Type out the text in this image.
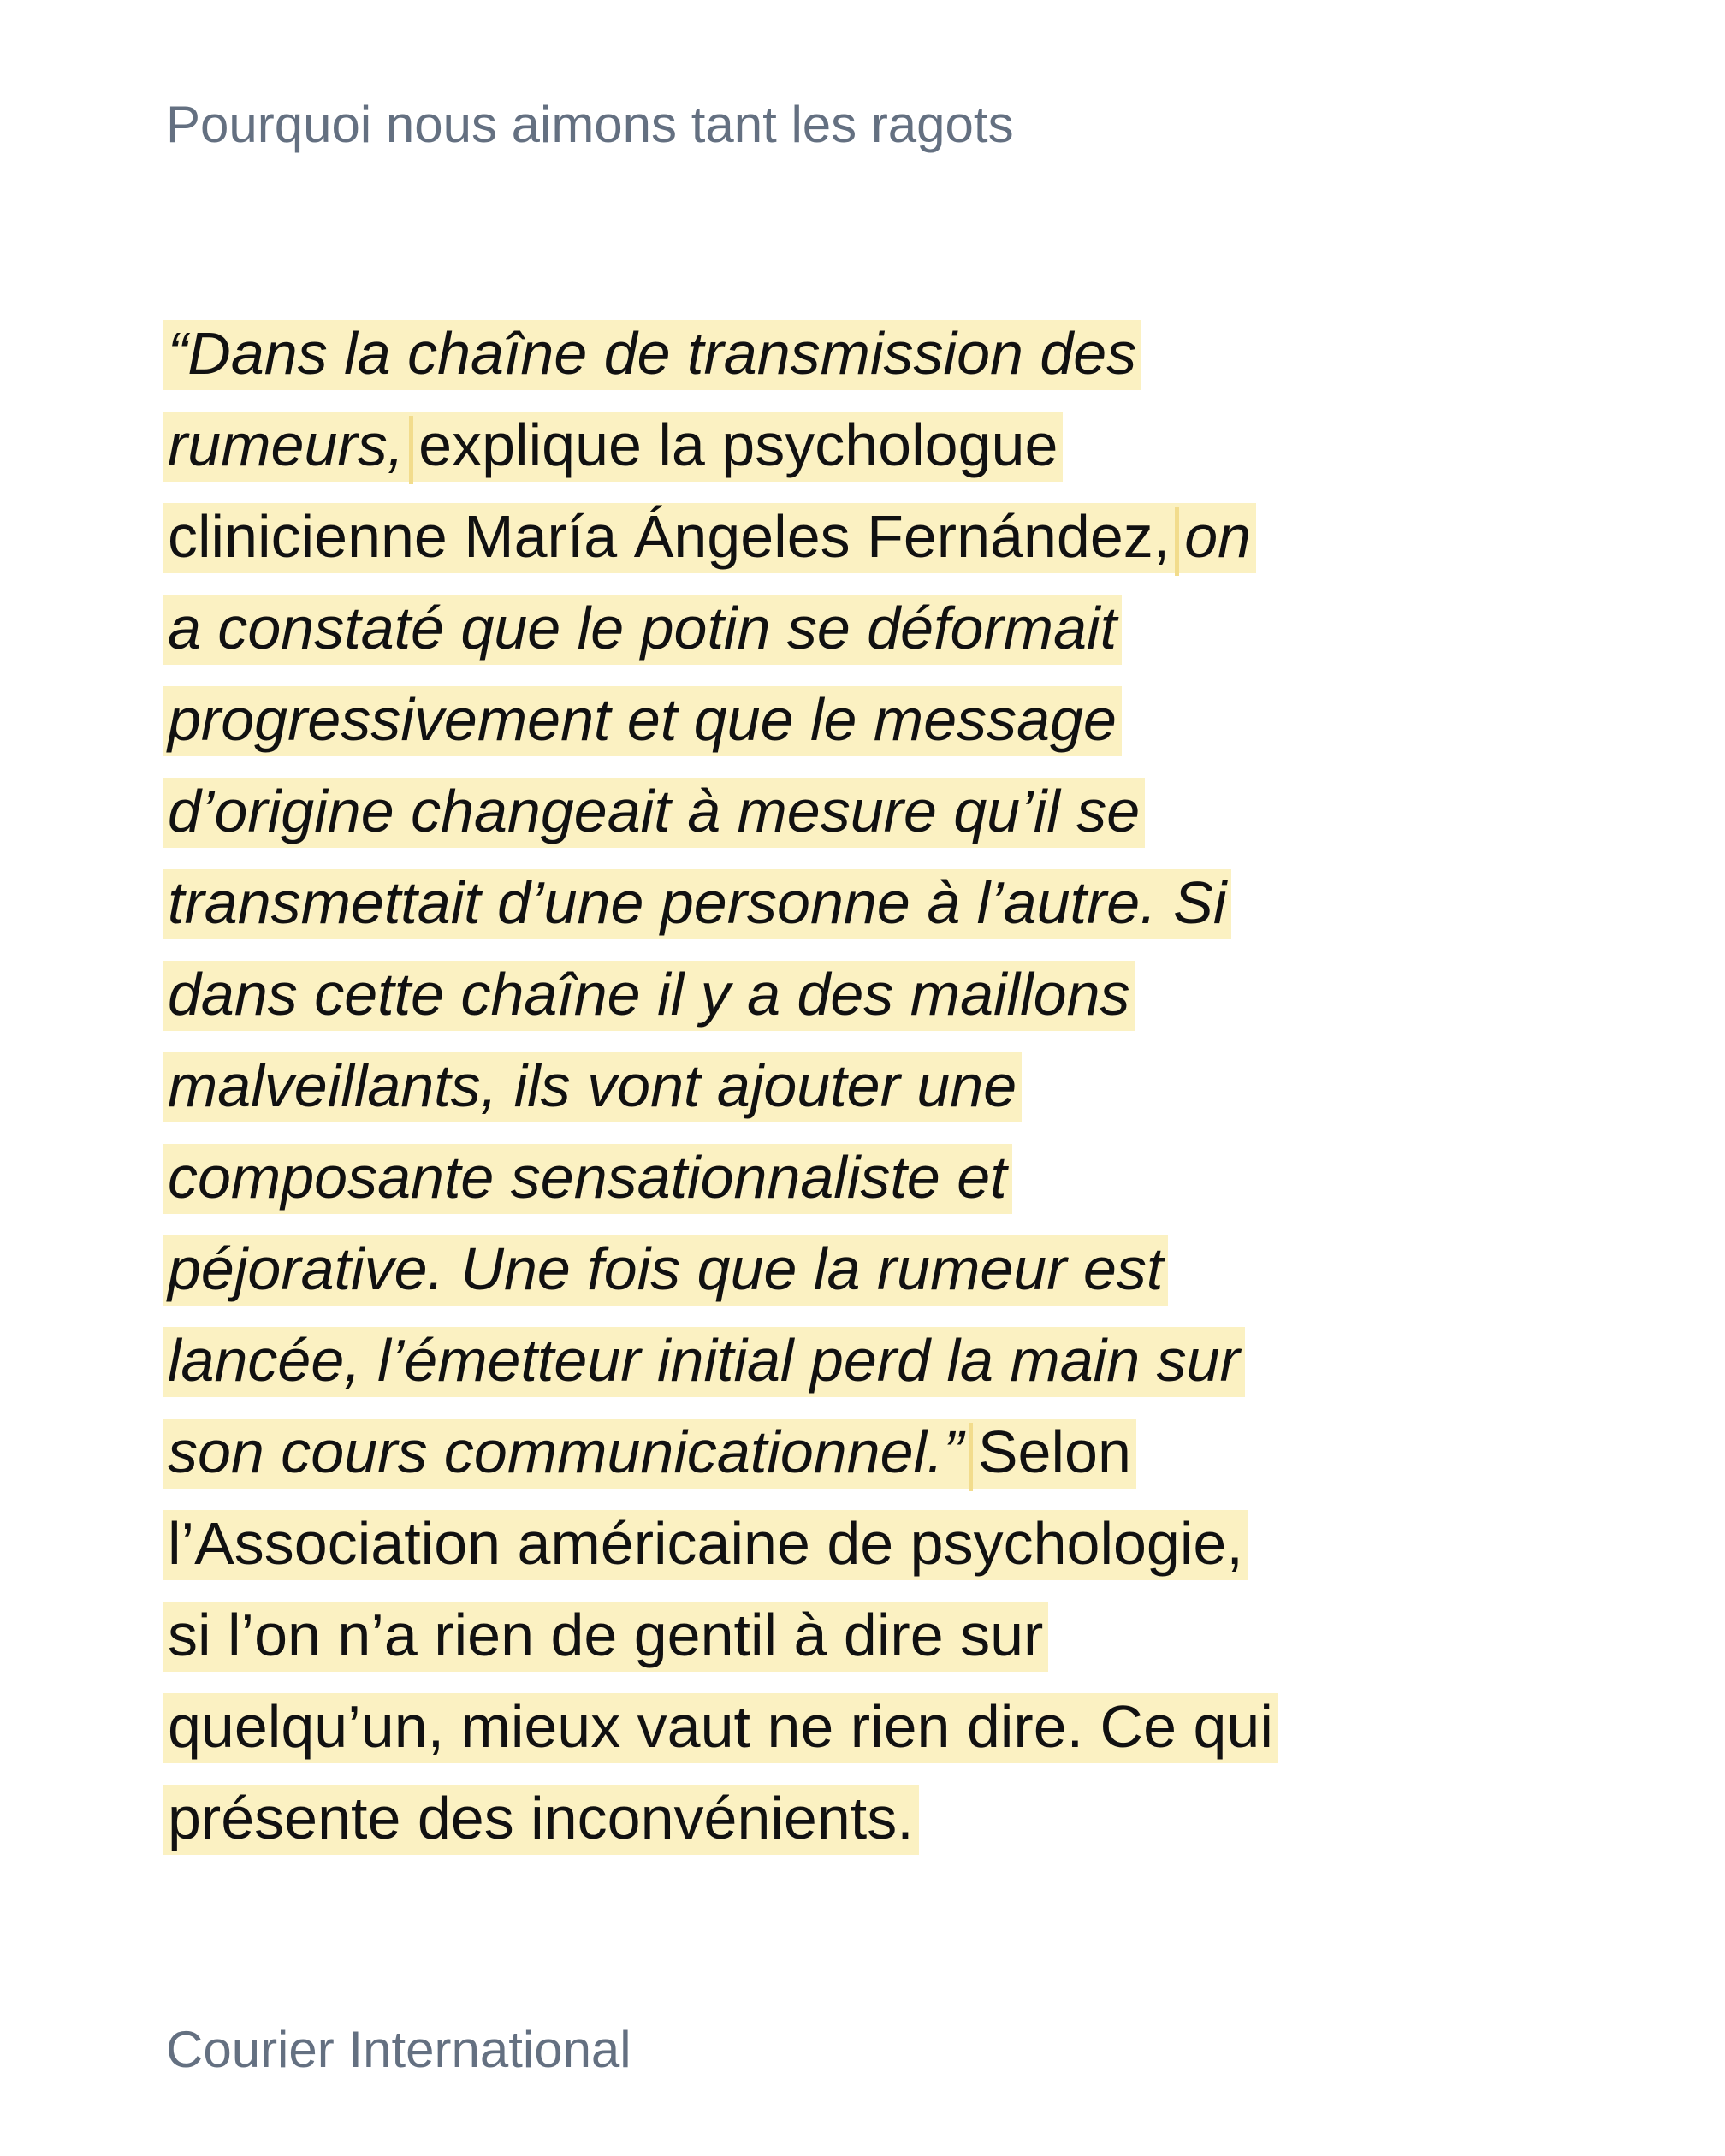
Pourquoi nous aimons tant les ragots
“Dans la chaîne de transmission des
rumeurs, explique la psychologue
clinicienne María Ángeles Fernández, on
a constaté que le potin se déformait
progressivement et que le message
d’origine changeait à mesure qu’il se
transmettait d’une personne à l’autre. Si
dans cette chaîne il y a des maillons
malveillants, ils vont ajouter une
composante sensationnaliste et
péjorative. Une fois que la rumeur est
lancée, l’émetteur initial perd la main sur
son cours communicationnel.” Selon
l’Association américaine de psychologie,
si l’on n’a rien de gentil à dire sur
quelqu’un, mieux vaut ne rien dire. Ce qui
présente des inconvénients.
Courier International
